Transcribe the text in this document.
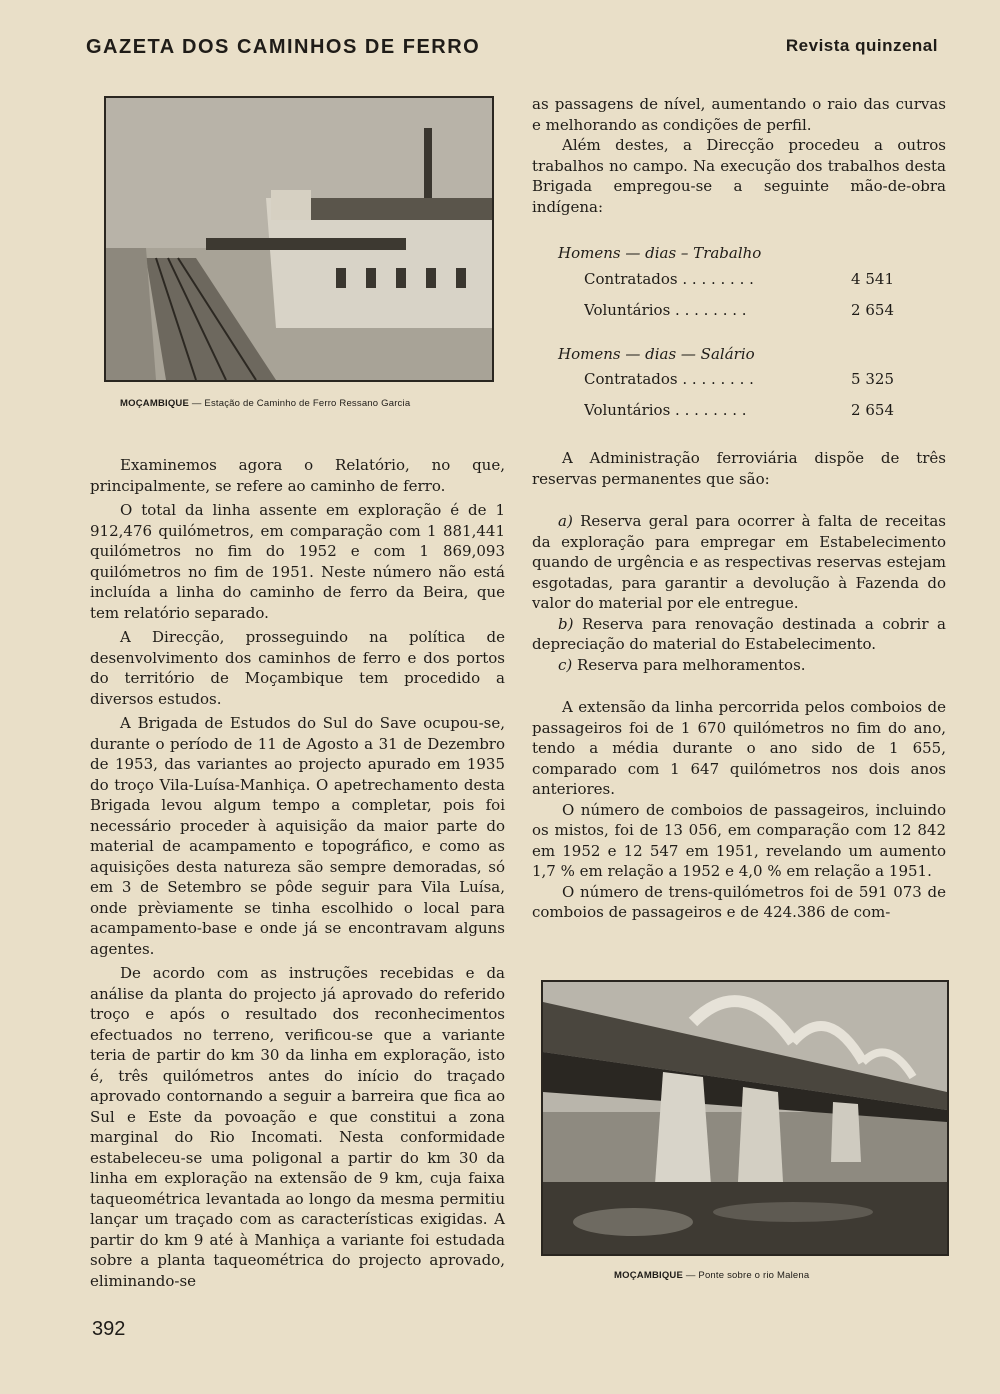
GAZETA DOS CAMINHOS DE FERRO	Revista quinzenal
MOÇAMBIQUE — Estação de Caminho de Ferro Ressano Garcia

Examinemos agora o Relatório, no que, principalmente, se refere ao caminho de ferro.

O total da linha assente em exploração é de 1 912,476 quilómetros, em comparação com 1 881,441 quilómetros no fim do 1952 e com 1 869,093 quilómetros no fim de 1951. Neste número não está incluída a linha do caminho de ferro da Beira, que tem relatório separado.

A Direcção, prosseguindo na política de desenvolvimento dos caminhos de ferro e dos portos do território de Moçambique tem procedido a diversos estudos.

A Brigada de Estudos do Sul do Save ocupou-se, durante o período de 11 de Agosto a 31 de Dezembro de 1953, das variantes ao projecto apurado em 1935 do troço Vila-Luísa-Manhiça. O apetrechamento desta Brigada levou algum tempo a completar, pois foi necessário proceder à aquisição da maior parte do material de acampamento e topográfico, e como as aquisições desta natureza são sempre demoradas, só em 3 de Setembro se pôde seguir para Vila Luísa, onde prèviamente se tinha escolhido o local para acampamento-base e onde já se encontravam alguns agentes.

De acordo com as instruções recebidas e da análise da planta do projecto já aprovado do referido troço e após o resultado dos reconhecimentos efectuados no terreno, verificou-se que a variante teria de partir do km 30 da linha em exploração, isto é, três quilómetros antes do início do traçado aprovado contornando a seguir a barreira que fica ao Sul e Este da povoação e que constitui a zona marginal do Rio Incomati. Nesta conformidade estabeleceu-se uma poligonal a partir do km 30 da linha em exploração na extensão de 9 km, cuja faixa taqueométrica levantada ao longo da mesma permitiu lançar um traçado com as características exigidas. A partir do km 9 até à Manhiça a variante foi estudada sobre a planta taqueométrica do projecto aprovado, eliminando-se

as passagens de nível, aumentando o raio das curvas e melhorando as condições de perfil.

Além destes, a Direcção procedeu a outros trabalhos no campo. Na execução dos trabalhos desta Brigada empregou-se a seguinte mão-de-obra indígena:

Homens — dias – Trabalho

Contratados . . . . . . . .	4 541
Voluntários . . . . . . . .	2 654

Homens — dias — Salário

Contratados . . . . . . . .	5 325
Voluntários . . . . . . . .	2 654

A Administração ferroviária dispõe de três reservas permanentes que são:

a) Reserva geral para ocorrer à falta de receitas da exploração para empregar em Estabelecimento quando de urgência e as respectivas reservas estejam esgotadas, para garantir a devolução à Fazenda do valor do material por ele entregue.

b) Reserva para renovação destinada a cobrir a depreciação do material do Estabelecimento.

c) Reserva para melhoramentos.

A extensão da linha percorrida pelos comboios de passageiros foi de 1 670 quilómetros no fim do ano, tendo a média durante o ano sido de 1 655, comparado com 1 647 quilómetros nos dois anos anteriores.

O número de comboios de passageiros, incluindo os mistos, foi de 13 056, em comparação com 12 842 em 1952 e 12 547 em 1951, revelando um aumento 1,7 % em relação a 1952 e 4,0 % em relação a 1951.

O número de trens-quilómetros foi de 591 073 de comboios de passageiros e de 424.386 de com-

MOÇAMBIQUE — Ponte sobre o rio Malena
392
